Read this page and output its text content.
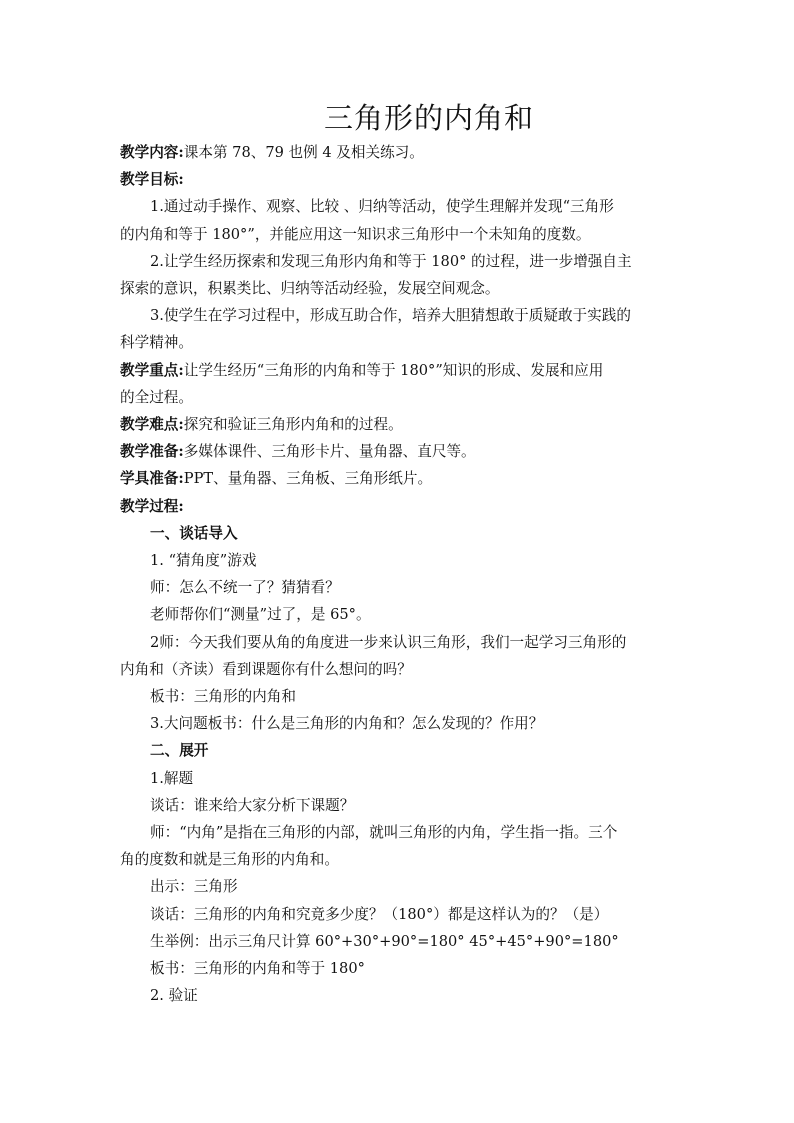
三角形的内角和

教学内容:课本第 78、79 也例 4 及相关练习。

教学目标:

1.通过动手操作、观察、比较 、归纳等活动，使学生理解并发现“三角形

的内角和等于 180°”，并能应用这一知识求三角形中一个未知角的度数。

2.让学生经历探索和发现三角形内角和等于 180° 的过程，进一步增强自主

探索的意识，积累类比、归纳等活动经验，发展空间观念。

3.使学生在学习过程中，形成互助合作，培养大胆猜想敢于质疑敢于实践的

科学精神。

教学重点:让学生经历“三角形的内角和等于 180°”知识的形成、发展和应用

的全过程。

教学难点:探究和验证三角形内角和的过程。

教学准备:多媒体课件、三角形卡片、量角器、直尺等。

学具准备:PPT、量角器、三角板、三角形纸片。

教学过程:

一、谈话导入

1. “猜角度”游戏

师：怎么不统一了？猜猜看？

老师帮你们“测量”过了，是 65°。

2师：今天我们要从角的角度进一步来认识三角形，我们一起学习三角形的

内角和（齐读）看到课题你有什么想问的吗？

板书：三角形的内角和

3.大问题板书：什么是三角形的内角和？怎么发现的？作用？

二、展开

1.解题

谈话：谁来给大家分析下课题？

师：“内角”是指在三角形的内部，就叫三角形的内角，学生指一指。三个

角的度数和就是三角形的内角和。

出示：三角形

谈话：三角形的内角和究竟多少度？（180°）都是这样认为的？（是）

生举例：出示三角尺计算 60°+30°+90°=180° 45°+45°+90°=180°

板书：三角形的内角和等于 180°

2. 验证
